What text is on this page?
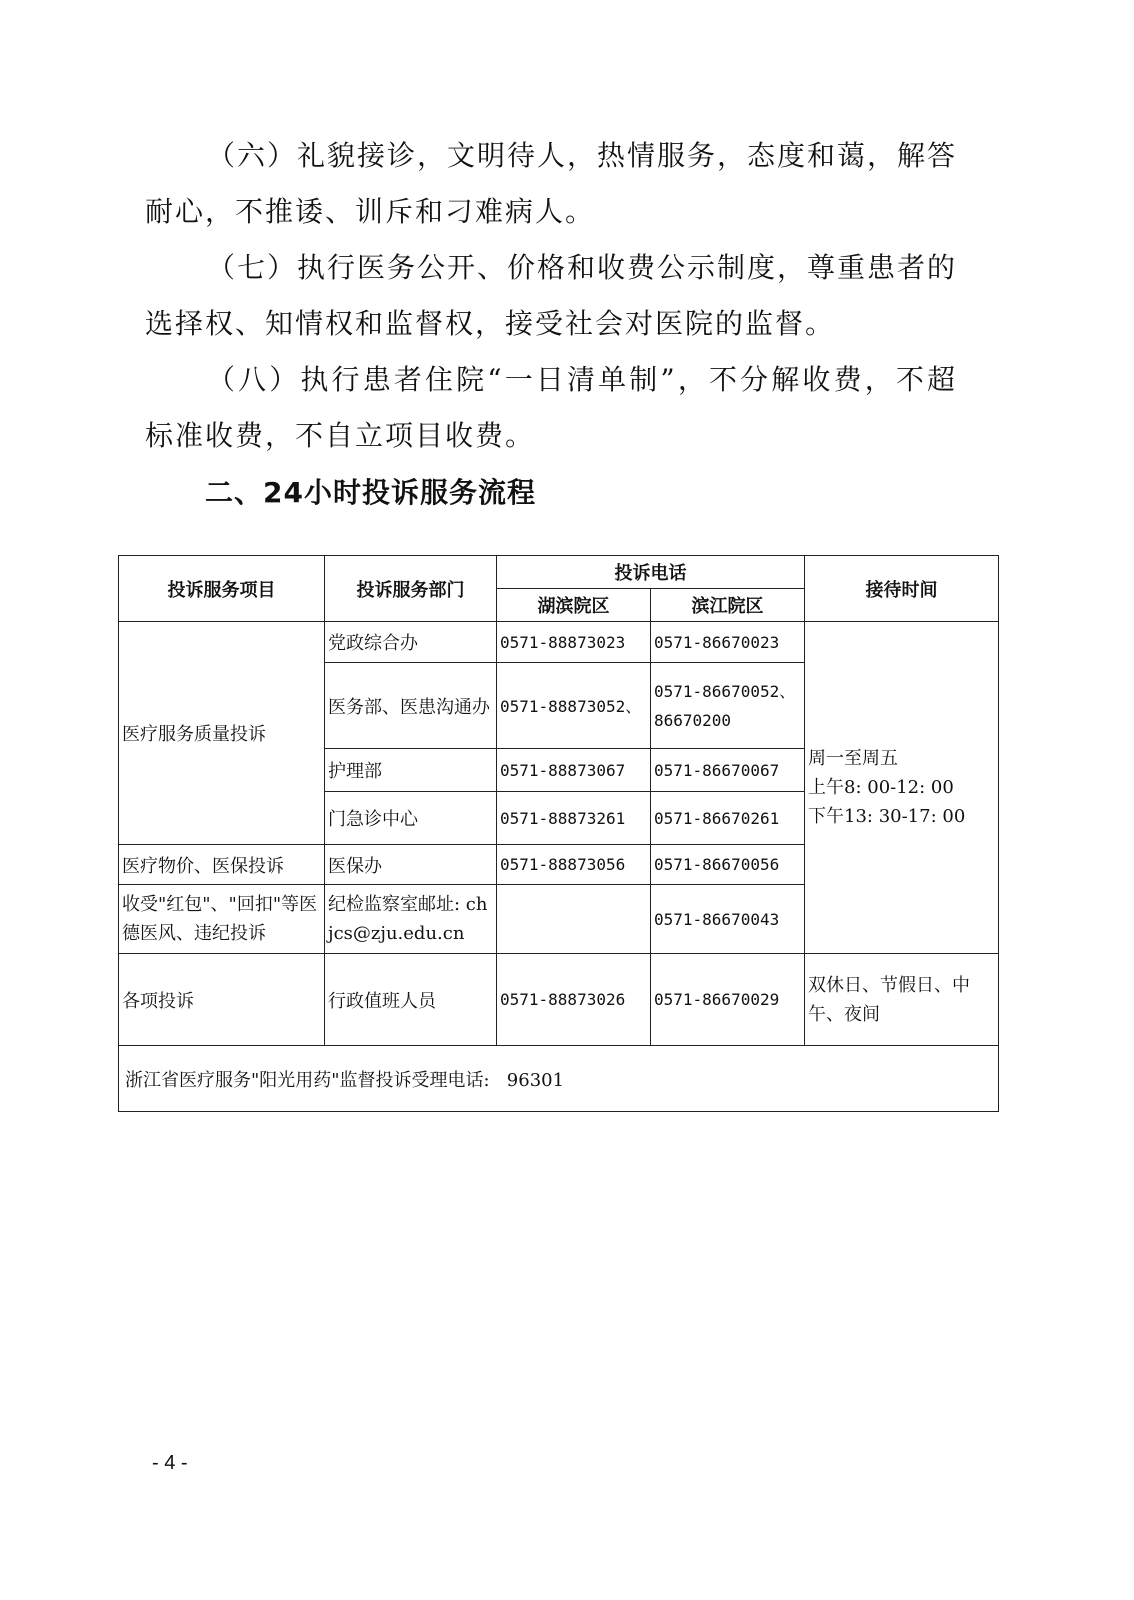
（六）礼貌接诊，文明待人，热情服务，态度和蔼，解答耐心，不推诿、训斥和刁难病人。

（七）执行医务公开、价格和收费公示制度，尊重患者的选择权、知情权和监督权，接受社会对医院的监督。

（八）执行患者住院“一日清单制”，不分解收费，不超标准收费，不自立项目收费。

二、24小时投诉服务流程
投诉服务项目	投诉服务部门	投诉电话		接待时间
		湖滨院区	滨江院区	
医疗服务质量投诉	党政综合办	0571-88873023	0571-86670023	周一至周五
上午8: 00-12: 00
下午13: 30-17: 00
	医务部、医患沟通办	0571-88873052、	0571-86670052、
86670200	
	护理部	0571-88873067	0571-86670067	
	门急诊中心	0571-88873261	0571-86670261	
医疗物价、医保投诉	医保办	0571-88873056	0571-86670056	
收受"红包"、"回扣"等医德医风、违纪投诉	纪检监察室邮址: chjcs@zju.edu.cn		0571-86670043	
各项投诉	行政值班人员	0571-88873026	0571-86670029	双休日、节假日、中午、夜间
浙江省医疗服务"阳光用药"监督投诉受理电话:   96301				
- 4 -
